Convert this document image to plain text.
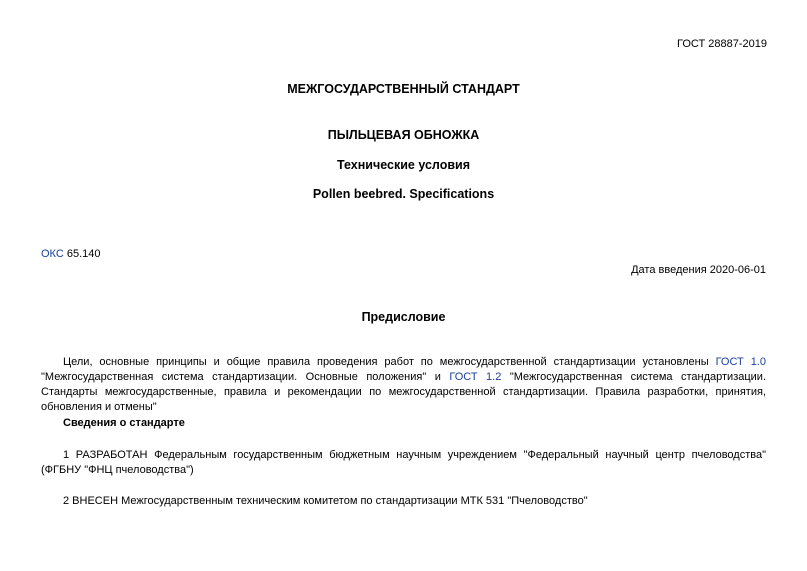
ГОСТ 28887-2019
МЕЖГОСУДАРСТВЕННЫЙ СТАНДАРТ
ПЫЛЬЦЕВАЯ ОБНОЖКА
Технические условия
Pollen beebred. Specifications
ОКС 65.140
Дата введения 2020-06-01
Предисловие
Цели, основные принципы и общие правила проведения работ по межгосударственной стандартизации установлены ГОСТ 1.0 "Межгосударственная система стандартизации. Основные положения" и ГОСТ 1.2 "Межгосударственная система стандартизации. Стандарты межгосударственные, правила и рекомендации по межгосударственной стандартизации. Правила разработки, принятия, обновления и отмены"
Сведения о стандарте
1 РАЗРАБОТАН Федеральным государственным бюджетным научным учреждением "Федеральный научный центр пчеловодства" (ФГБНУ "ФНЦ пчеловодства")
2 ВНЕСЕН Межгосударственным техническим комитетом по стандартизации МТК 531 "Пчеловодство"
